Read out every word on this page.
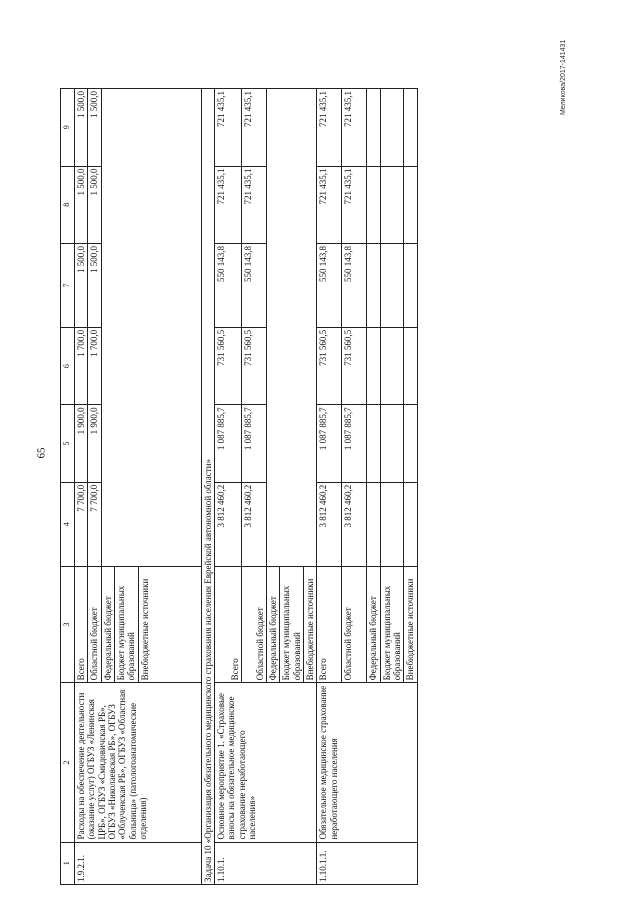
65
Меликова/2017-141431
1	2	3	4	5	6	7	8	9
1.9.2.1.	Расходы на обеспечение деятельности (оказание услуг) ОГБУЗ «Ленинская ЦРБ», ОГБУЗ «Смидовичская РБ», ОГБУЗ «Николаевская РБ», ОГБУЗ «Облученская РБ», ОГБУЗ «Областная больница» (патологоанатомические отделения)	Всего	7 700,0	1 900,0	1 700,0	1 500,0	1 500,0	1 500,0
		Областной бюджет	7 700,0	1 900,0	1 700,0	1 500,0	1 500,0	1 500,0
		Федеральный бюджет						
		Бюджет муниципальных образований						
		Внебюджетные источники						
Задача 10 «Организация обязательного медицинского страхования населения Еврейской автономной области»								
1.10.1.	Основное мероприятие 1. «Страховые взносы на обязательное медицинское страхование неработающего населения»	Всего	3 812 460,2	1 087 885,7	731 560,5	550 143,8	721 435,1	721 435,1
		Областной бюджет	3 812 460,2	1 087 885,7	731 560,5	550 143,8	721 435,1	721 435,1
		Федеральный бюджет						
		Бюджет муниципальных образований						
		Внебюджетные источники						
1.10.1.1.	Обязательное медицинское страхование неработающего населения	Всего	3 812 460,2	1 087 885,7	731 560,5	550 143,8	721 435,1	721 435,1
		Областной бюджет	3 812 460,2	1 087 885,7	731 560,5	550 143,8	721 435,1	721 435,1
		Федеральный бюджет						
		Бюджет муниципальных образований						
		Внебюджетные источники						
